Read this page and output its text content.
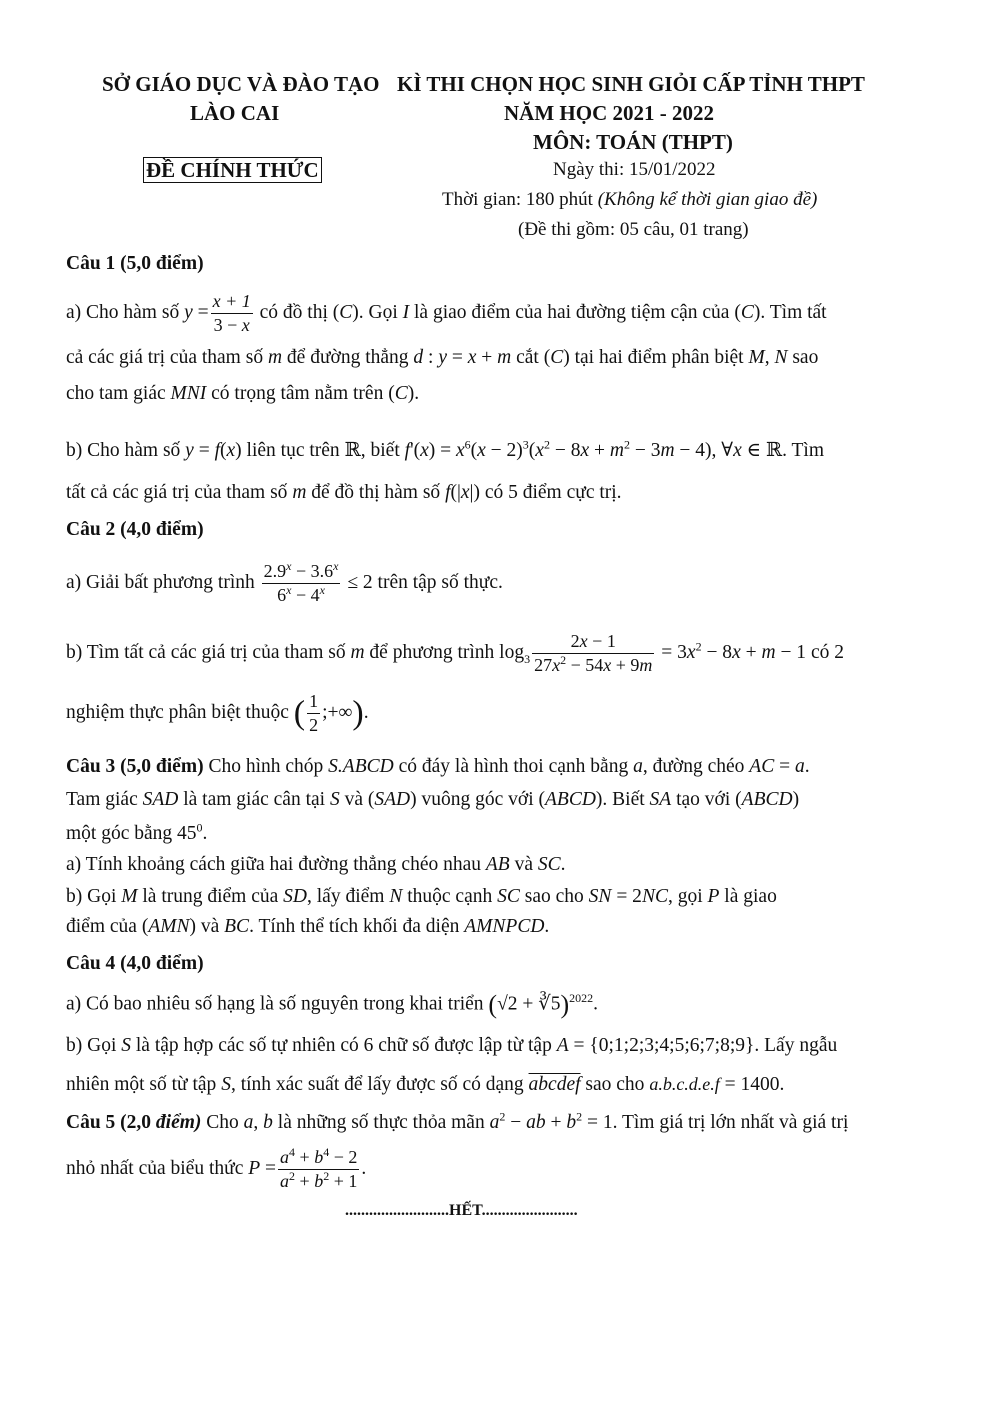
SỞ GIÁO DỤC VÀ ĐÀO TẠO
LÀO CAI
ĐỀ CHÍNH THỨC
KÌ THI CHỌN HỌC SINH GIỎI CẤP TỈNH THPT
NĂM HỌC 2021 - 2022
MÔN: TOÁN (THPT)
Ngày thi: 15/01/2022
Thời gian: 180 phút (Không kể thời gian giao đề)
(Đề thi gồm: 05 câu, 01 trang)
Câu 1 (5,0 điểm)
a) Cho hàm số $y = \frac{x + 1}{3 - x}$ có đồ thị (C). Gọi I là giao điểm của hai đường tiệm cận của (C). Tìm tất
cả các giá trị của tham số m để đường thẳng d : y = x + m cắt (C) tại hai điểm phân biệt M, N sao
cho tam giác MNI có trọng tâm nằm trên (C).
b) Cho hàm số y = f(x) liên tục trên ℝ, biết $f'(x) = x^6(x - 2)^3(x^2 - 8x + m^2 - 3m - 4)$, ∀x ∈ ℝ. Tìm
tất cả các giá trị của tham số m để đồ thị hàm số f(|x|) có 5 điểm cực trị.
Câu 2 (4,0 điểm)
a) Giải bất phương trình $\frac{2.9^x - 3.6^x}{6^x - 4^x} \le 2$ trên tập số thực.
b) Tìm tất cả các giá trị của tham số m để phương trình $\log_3 \frac{2x - 1}{27x^2 - 54x + 9m} = 3x^2 - 8x + m - 1$ có 2
nghiệm thực phân biệt thuộc ( $\frac{1}{2}$ ;+∞).
Câu 3 (5,0 điểm) Cho hình chóp S.ABCD có đáy là hình thoi cạnh bằng a, đường chéo AC = a.
Tam giác SAD là tam giác cân tại S và (SAD) vuông góc với (ABCD). Biết SA tạo với (ABCD)
một góc bằng $45^0$.
a) Tính khoảng cách giữa hai đường thẳng chéo nhau AB và SC.
b) Gọi M là trung điểm của SD, lấy điểm N thuộc cạnh SC sao cho SN = 2NC, gọi P là giao
điểm của (AMN) và BC. Tính thể tích khối đa diện AMNPCD.
Câu 4 (4,0 điểm)
a) Có bao nhiêu số hạng là số nguyên trong khai triển (√2 + ∛5)$^{2022}$.
b) Gọi S là tập hợp các số tự nhiên có 6 chữ số được lập từ tập A = {0;1;2;3;4;5;6;7;8;9}. Lấy ngẫu
nhiên một số từ tập S, tính xác suất để lấy được số có dạng abcdef sao cho a.b.c.d.e.f = 1400.
Câu 5 (2,0 điểm) Cho a, b là những số thực thỏa mãn $a^2$ − ab + $b^2 = 1$. Tìm giá trị lớn nhất và giá trị
nhỏ nhất của biểu thức $P = \frac{a^4 + b^4 - 2}{a^2 + b^2 + 1}$ .
..........................HẾT........................
